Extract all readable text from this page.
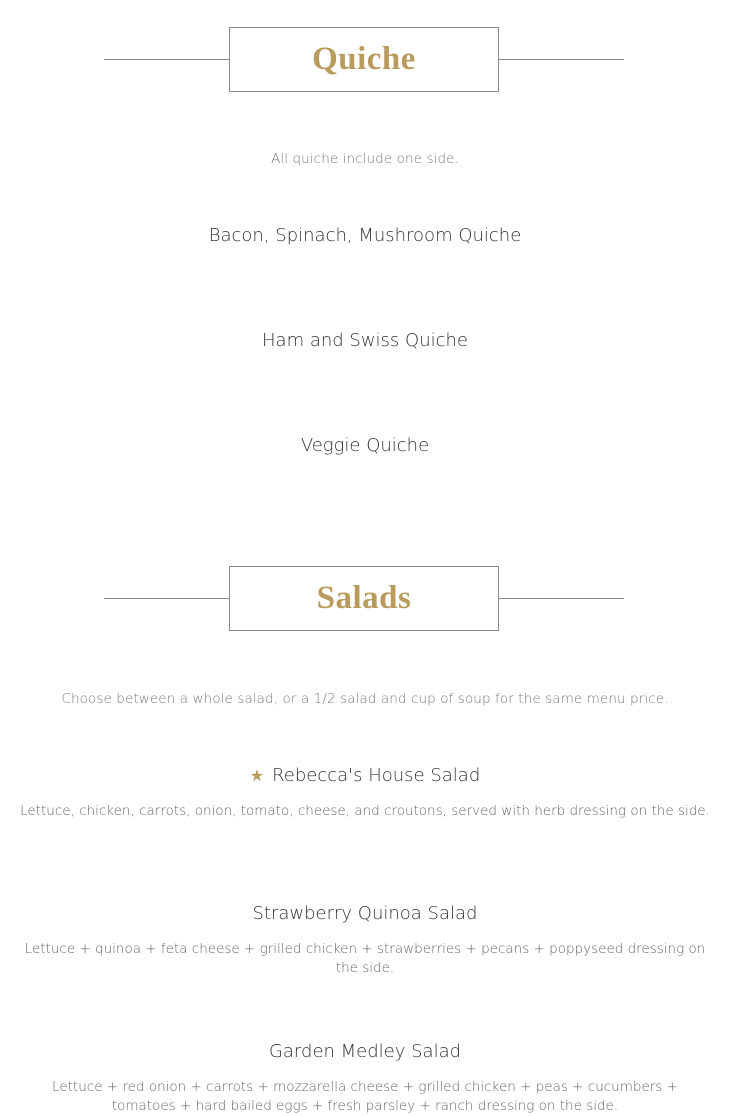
Quiche
All quiche include one side.
Bacon, Spinach, Mushroom Quiche
Ham and Swiss Quiche
Veggie Quiche
Salads
Choose between a whole salad, or a 1/2 salad and cup of soup for the same menu price.
★ Rebecca's House Salad
Lettuce, chicken, carrots, onion, tomato, cheese, and croutons, served with herb dressing on the side.
Strawberry Quinoa Salad
Lettuce + quinoa + feta cheese + grilled chicken + strawberries + pecans + poppyseed dressing on the side.
Garden Medley Salad
Lettuce + red onion + carrots + mozzarella cheese + grilled chicken + peas + cucumbers + tomatoes + hard bailed eggs + fresh parsley + ranch dressing on the side.
